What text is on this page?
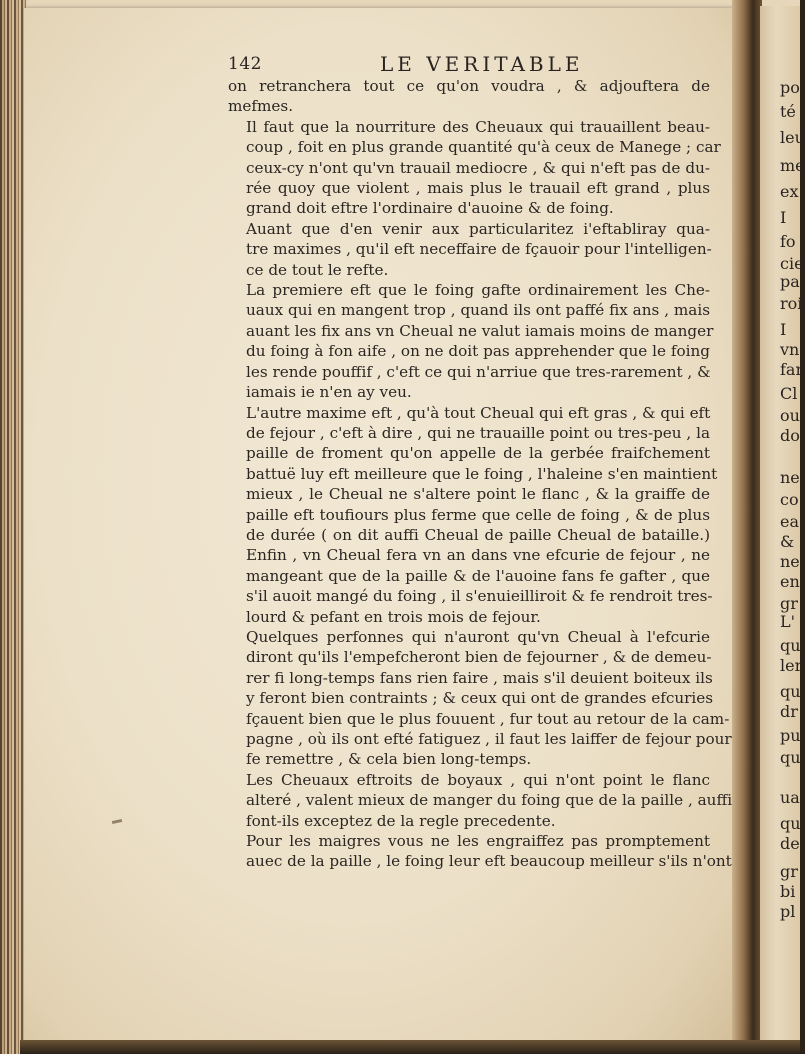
142	LE VERITABLE

on retranchera tout ce qu'on voudra , & adjouftera de
mefmes.

Il faut que la nourriture des Cheuaux qui trauaillent beau-
coup , foit en plus grande quantité qu'à ceux de Manege ; car
ceux-cy n'ont qu'vn trauail mediocre , & qui n'eft pas de du-
rée quoy que violent , mais plus le trauail eft grand , plus
grand doit eftre l'ordinaire d'auoine & de foing.

Auant que d'en venir aux particularitez i'eftabliray qua-
tre maximes , qu'il eft neceffaire de fçauoir pour l'intelligen-
ce de tout le refte.

La premiere eft que le foing gafte ordinairement les Che-
uaux qui en mangent trop , quand ils ont paffé fix ans , mais
auant les fix ans vn Cheual ne valut iamais moins de manger
du foing à fon aife , on ne doit pas apprehender que le foing
les rende pouffif , c'eft ce qui n'arriue que tres-rarement , &
iamais ie n'en ay veu.

L'autre maxime eft , qu'à tout Cheual qui eft gras , & qui eft
de fejour , c'eft à dire , qui ne trauaille point ou tres-peu , la
paille de froment qu'on appelle de la gerbée fraifchement
battuë luy eft meilleure que le foing , l'haleine s'en maintient
mieux , le Cheual ne s'altere point le flanc , & la graiffe de
paille eft toufiours plus ferme que celle de foing , & de plus
de durée ( on dit auffi Cheual de paille Cheual de bataille.)
Enfin , vn Cheual fera vn an dans vne efcurie de fejour , ne
mangeant que de la paille & de l'auoine fans fe gafter , que
s'il auoit mangé du foing , il s'enuieilliroit & fe rendroit tres-
lourd & pefant en trois mois de fejour.

Quelques perfonnes qui n'auront qu'vn Cheual à l'efcurie
diront qu'ils l'empefcheront bien de fejourner , & de demeu-
rer fi long-temps fans rien faire , mais s'il deuient boiteux ils
y feront bien contraints ; & ceux qui ont de grandes efcuries
fçauent bien que le plus fouuent , fur tout au retour de la cam-
pagne , où ils ont efté fatiguez , il faut les laiffer de fejour pour
fe remettre , & cela bien long-temps.

Les Cheuaux eftroits de boyaux , qui n'ont point le flanc
alteré , valent mieux de manger du foing que de la paille , auffi
font-ils exceptez de la regle precedente.

Pour les maigres vous ne les engraiffez pas promptement
auec de la paille , le foing leur eft beaucoup meilleur s'ils n'ont

po
té
leu
me
ex
I
fo
cie
pa
roi
I
vn
far
Cl
ou
do
ne
co
ea
&
ne
en
gr
L'
qu
ler
qu
dr
pu
qu
ua
qu
de
gr
bi
pl
